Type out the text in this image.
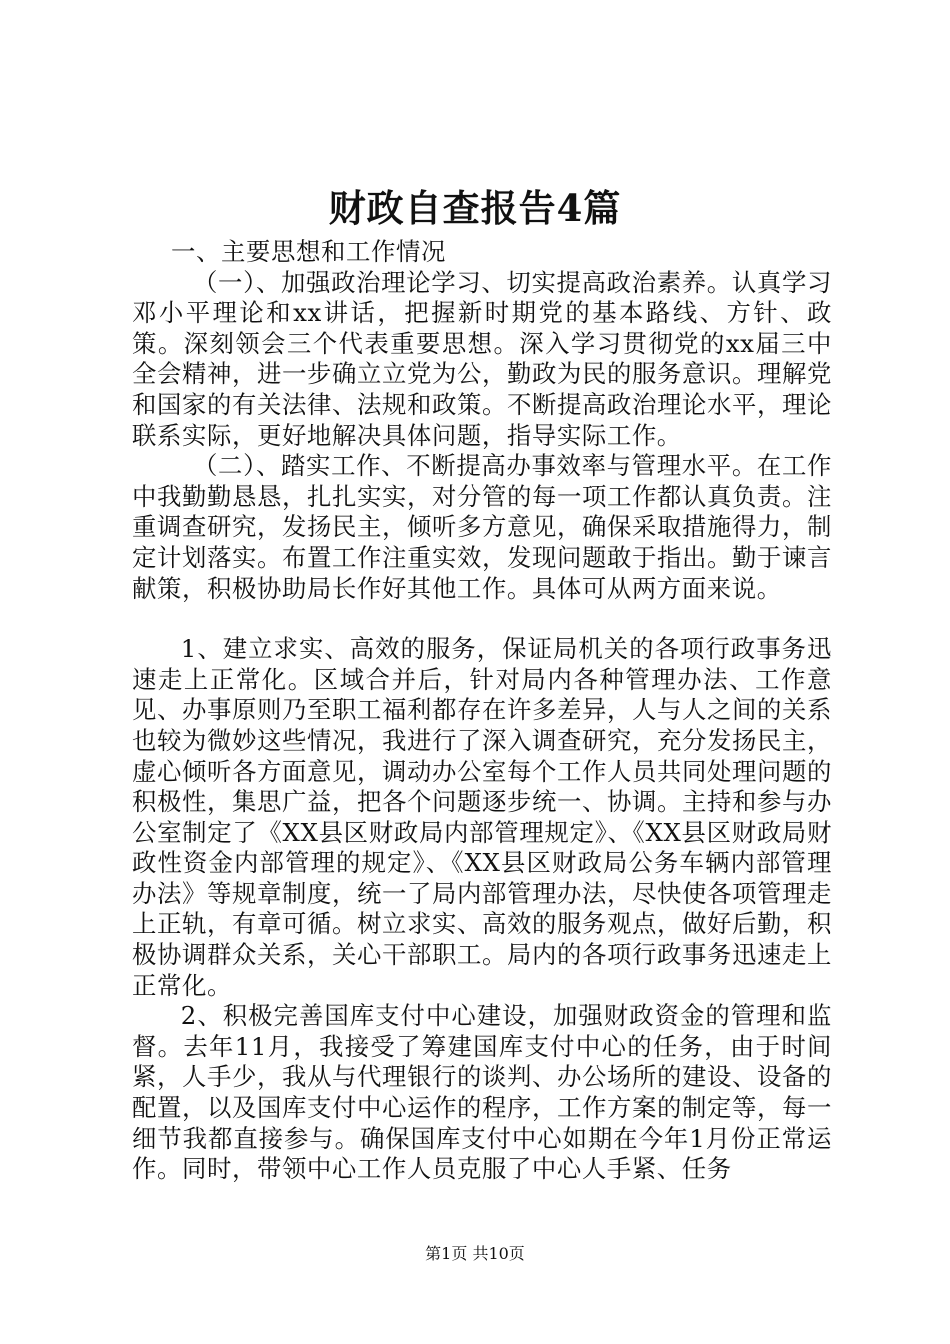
财政自查报告4篇

一、主要思想和工作情况

（一）、加强政治理论学习、切实提高政治素养。认真学习邓小平理论和xx讲话，把握新时期党的基本路线、方针、政策。深刻领会三个代表重要思想。深入学习贯彻党的xx届三中全会精神，进一步确立立党为公，勤政为民的服务意识。理解党和国家的有关法律、法规和政策。不断提高政治理论水平，理论联系实际，更好地解决具体问题，指导实际工作。

（二）、踏实工作、不断提高办事效率与管理水平。在工作中我勤勤恳恳，扎扎实实，对分管的每一项工作都认真负责。注重调查研究，发扬民主，倾听多方意见，确保采取措施得力，制定计划落实。布置工作注重实效，发现问题敢于指出。勤于谏言献策，积极协助局长作好其他工作。具体可从两方面来说。

1、建立求实、高效的服务，保证局机关的各项行政事务迅速走上正常化。区域合并后，针对局内各种管理办法、工作意见、办事原则乃至职工福利都存在许多差异，人与人之间的关系也较为微妙这些情况，我进行了深入调查研究，充分发扬民主，虚心倾听各方面意见，调动办公室每个工作人员共同处理问题的积极性，集思广益，把各个问题逐步统一、协调。主持和参与办公室制定了《XX县区财政局内部管理规定》、《XX县区财政局财政性资金内部管理的规定》、《XX县区财政局公务车辆内部管理办法》等规章制度，统一了局内部管理办法，尽快使各项管理走上正轨，有章可循。树立求实、高效的服务观点，做好后勤，积极协调群众关系，关心干部职工。局内的各项行政事务迅速走上正常化。

2、积极完善国库支付中心建设，加强财政资金的管理和监督。去年11月，我接受了筹建国库支付中心的任务，由于时间紧，人手少，我从与代理银行的谈判、办公场所的建设、设备的配置，以及国库支付中心运作的程序，工作方案的制定等，每一细节我都直接参与。确保国库支付中心如期在今年1月份正常运作。同时，带领中心工作人员克服了中心人手紧、任务

第1页 共10页
